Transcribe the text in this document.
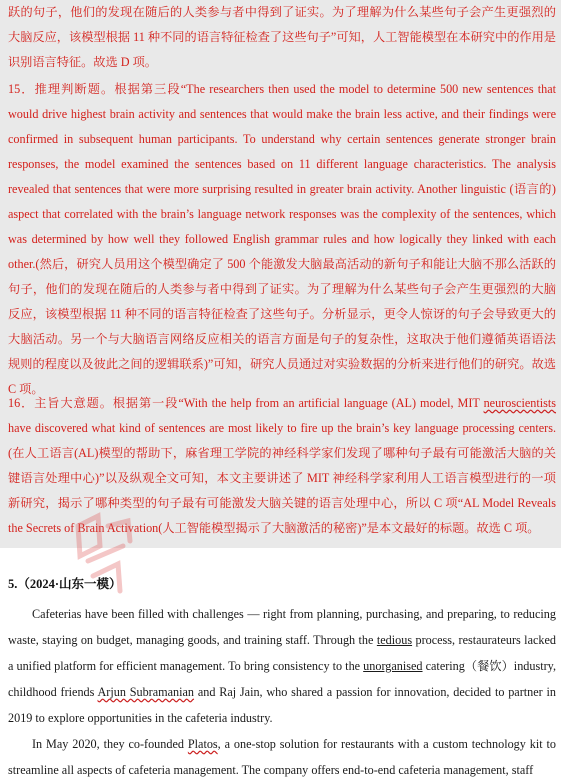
跃的句子，他们的发现在随后的人类参与者中得到了证实。为了理解为什么某些句子会产生更强烈的大脑反应，该模型根据 11 种不同的语言特征检查了这些句子”可知，人工智能模型在本研究中的作用是识别语言特征。故选 D 项。

15．推理判断题。根据第三段“The researchers then used the model to determine 500 new sentences that would drive highest brain activity and sentences that would make the brain less active, and their findings were confirmed in subsequent human participants. To understand why certain sentences generate stronger brain responses, the model examined the sentences based on 11 different language characteristics. The analysis revealed that sentences that were more surprising resulted in greater brain activity. Another linguistic (语言的) aspect that correlated with the brain’s language network responses was the complexity of the sentences, which was determined by how well they followed English grammar rules and how logically they linked with each other.(然后，研究人员用这个模型确定了 500 个能激发大脑最高活动的新句子和能让大脑不那么活跃的句子，他们的发现在随后的人类参与者中得到了证实。为了理解为什么某些句子会产生更强烈的大脑反应，该模型根据 11 种不同的语言特征检查了这些句子。分析显示，更令人惊讶的句子会导致更大的大脑活动。另一个与大脑语言网络反应相关的语言方面是句子的复杂性，这取决于他们遵循英语语法规则的程度以及彼此之间的逻辑联系)”可知，研究人员通过对实验数据的分析来进行他们的研究。故选 C 项。

16．主旨大意题。根据第一段“With the help from an artificial language (AL) model, MIT neuroscientists have discovered what kind of sentences are most likely to fire up the brain’s key language processing centers.(在人工语言(AL)模型的帮助下，麻省理工学院的神经科学家们发现了哪种句子最有可能激活大脑的关键语言处理中心)”以及纵观全文可知，本文主要讲述了 MIT 神经科学家利用人工语言模型进行的一项新研究，揭示了哪种类型的句子最有可能激发大脑关键的语言处理中心，所以 C 项“AL Model Reveals the Secrets of Brain Activation(人工智能模型揭示了大脑激活的秘密)”是本文最好的标题。故选 C 项。

5.（2024·山东一模）

Cafeterias have been filled with challenges — right from planning, purchasing, and preparing, to reducing waste, staying on budget, managing goods, and training staff. Through the tedious process, restaurateurs lacked a unified platform for efficient management. To bring consistency to the unorganised catering（餐饮）industry, childhood friends Arjun Subramanian and Raj Jain, who shared a passion for innovation, decided to partner in 2019 to explore opportunities in the cafeteria industry.

In May 2020, they co-founded Platos, a one-stop solution for restaurants with a custom technology kit to streamline all aspects of cafeteria management. The company offers end-to-end cafeteria management, staff
